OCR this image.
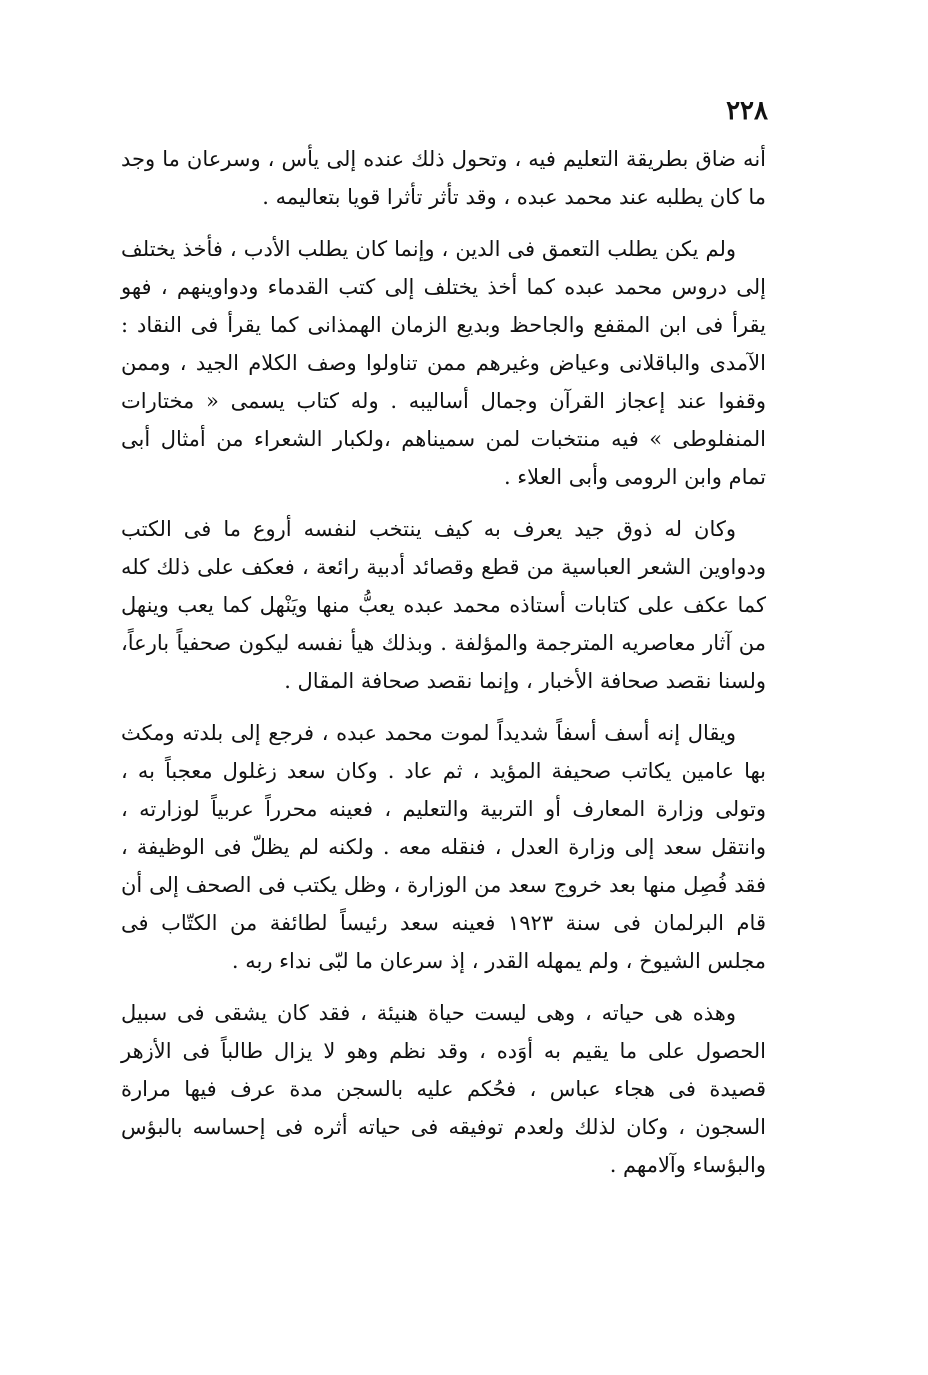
٢٢٨

أنه ضاق بطريقة التعليم فيه ، وتحول ذلك عنده إلى يأس ، وسرعان ما وجد ما كان يطلبه عند محمد عبده ، وقد تأثر تأثرا قويا بتعاليمه .

ولم يكن يطلب التعمق فى الدين ، وإنما كان يطلب الأدب ، فأخذ يختلف إلى دروس محمد عبده كما أخذ يختلف إلى كتب القدماء ودواوينهم ، فهو يقرأ فى ابن المقفع والجاحظ وبديع الزمان الهمذانى كما يقرأ فى النقاد : الآمدى والباقلانى وعياض وغيرهم ممن تناولوا وصف الكلام الجيد ، وممن وقفوا عند إعجاز القرآن وجمال أساليبه . وله كتاب يسمى « مختارات المنفلوطى » فيه منتخبات لمن سميناهم ،ولكبار الشعراء من أمثال أبى تمام وابن الرومى وأبى العلاء .

وكان له ذوق جيد يعرف به كيف ينتخب لنفسه أروع ما فى الكتب ودواوين الشعر العباسية من قطع وقصائد أدبية رائعة ، فعكف على ذلك كله كما عكف على كتابات أستاذه محمد عبده يعبُّ منها ويَنْهل كما يعب وينهل من آثار معاصريه المترجمة والمؤلفة . وبذلك هيأ نفسه ليكون صحفياً بارعاً، ولسنا نقصد صحافة الأخبار ، وإنما نقصد صحافة المقال .

ويقال إنه أسف أسفاً شديداً لموت محمد عبده ، فرجع إلى بلدته ومكث بها عامين يكاتب صحيفة المؤيد ، ثم عاد . وكان سعد زغلول معجباً به ، وتولى وزارة المعارف أو التربية والتعليم ، فعينه محرراً عربياً لوزارته ، وانتقل سعد إلى وزارة العدل ، فنقله معه . ولكنه لم يظلّ فى الوظيفة ، فقد فُصِل منها بعد خروج سعد من الوزارة ، وظل يكتب فى الصحف إلى أن قام البرلمان فى سنة ١٩٢٣ فعينه سعد رئيساً لطائفة من الكتّاب فى مجلس الشيوخ ، ولم يمهله القدر ، إذ سرعان ما لبّى نداء ربه .

وهذه هى حياته ، وهى ليست حياة هنيئة ، فقد كان يشقى فى سبيل الحصول على ما يقيم به أوَده ، وقد نظم وهو لا يزال طالباً فى الأزهر قصيدة فى هجاء عباس ، فحُكم عليه بالسجن مدة عرف فيها مرارة السجون ، وكان لذلك ولعدم توفيقه فى حياته أثره فى إحساسه بالبؤس والبؤساء وآلامهم .
